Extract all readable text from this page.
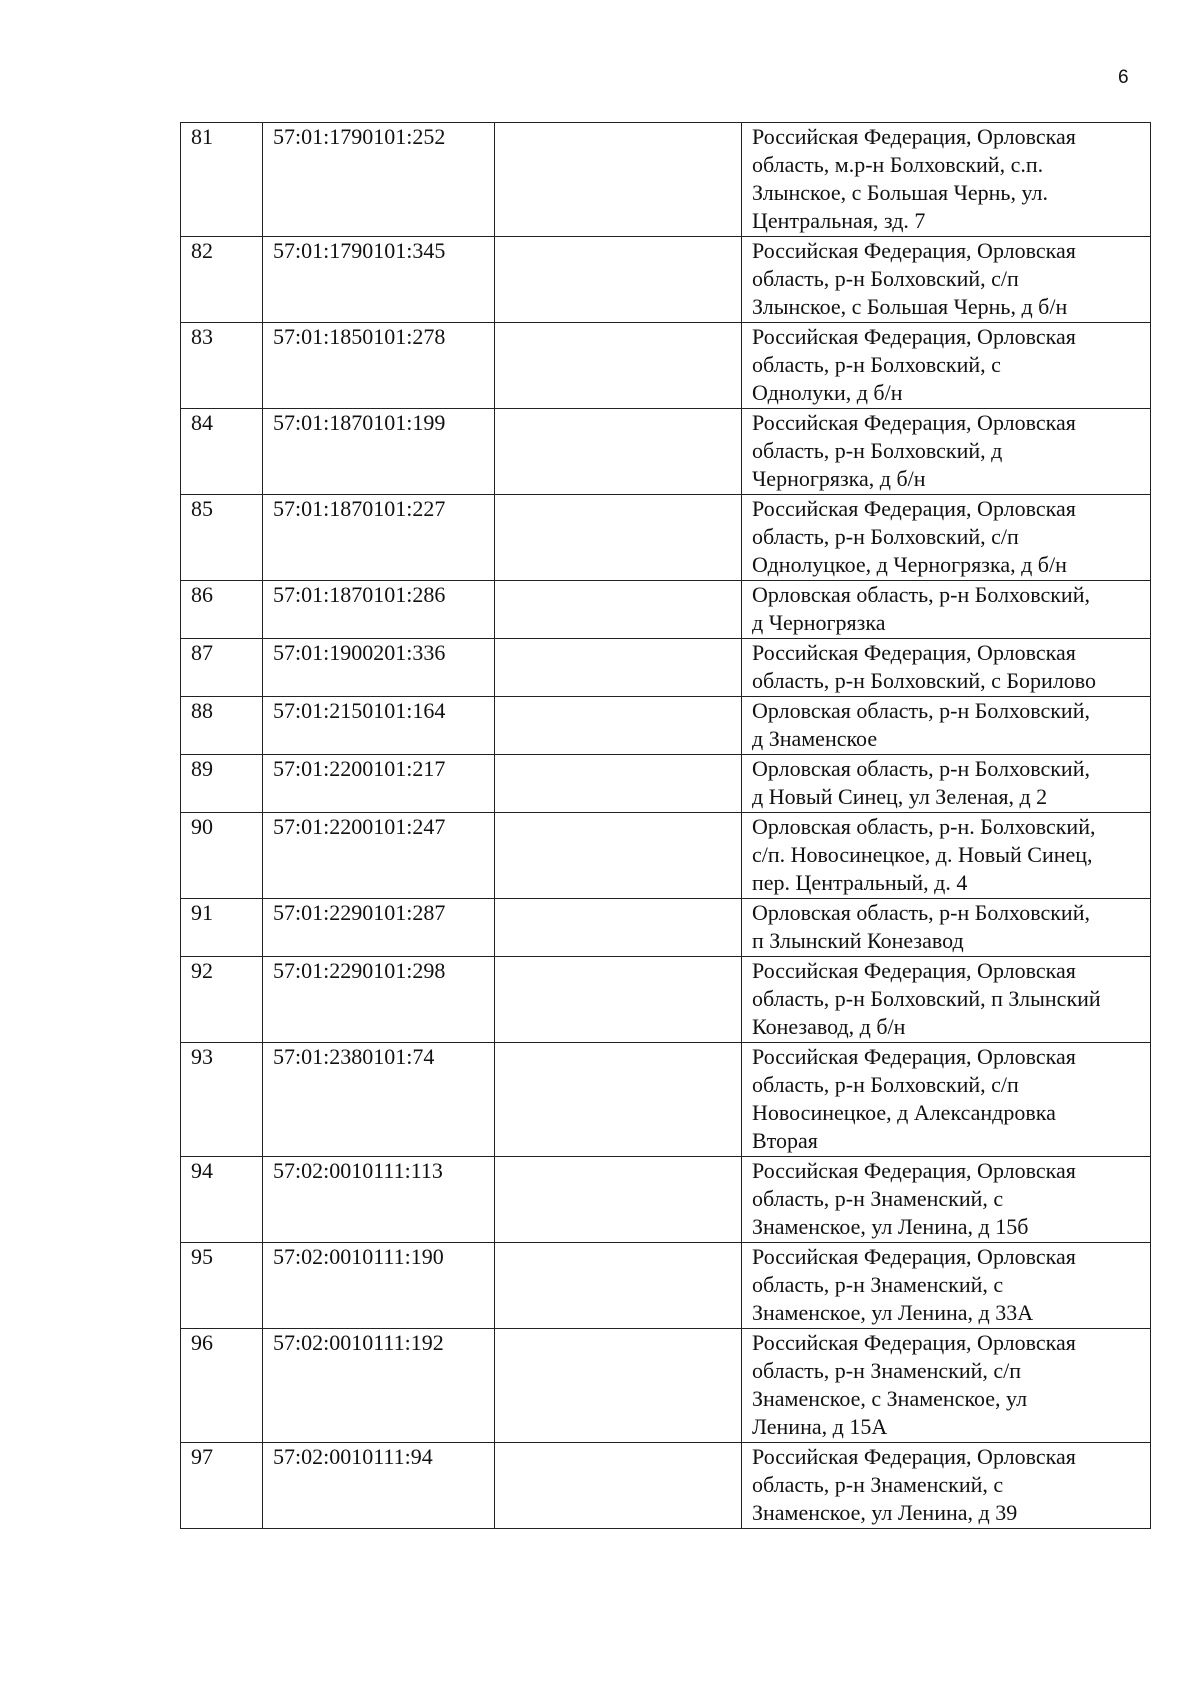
6
81	57:01:1790101:252		Российская Федерация, Орловская
область, м.р-н Болховский, с.п.
Злынское, с Большая Чернь, ул.
Центральная, зд. 7

82	57:01:1790101:345		Российская Федерация, Орловская
область, р-н Болховский, с/п
Злынское, с Большая Чернь, д б/н

83	57:01:1850101:278		Российская Федерация, Орловская
область, р-н Болховский, с
Однолуки, д б/н

84	57:01:1870101:199		Российская Федерация, Орловская
область, р-н Болховский, д
Черногрязка, д б/н

85	57:01:1870101:227		Российская Федерация, Орловская
область, р-н Болховский, с/п
Однолуцкое, д Черногрязка, д б/н

86	57:01:1870101:286		Орловская область, р-н Болховский,
д Черногрязка

87	57:01:1900201:336		Российская Федерация, Орловская
область, р-н Болховский, с Борилово

88	57:01:2150101:164		Орловская область, р-н Болховский,
д Знаменское

89	57:01:2200101:217		Орловская область, р-н Болховский,
д Новый Синец, ул Зеленая, д 2

90	57:01:2200101:247		Орловская область, р-н. Болховский,
с/п. Новосинецкое, д. Новый Синец,
пер. Центральный, д. 4

91	57:01:2290101:287		Орловская область, р-н Болховский,
п Злынский Конезавод

92	57:01:2290101:298		Российская Федерация, Орловская
область, р-н Болховский, п Злынский
Конезавод, д б/н

93	57:01:2380101:74		Российская Федерация, Орловская
область, р-н Болховский, с/п
Новосинецкое, д Александровка
Вторая

94	57:02:0010111:113		Российская Федерация, Орловская
область, р-н Знаменский, с
Знаменское, ул Ленина, д 15б

95	57:02:0010111:190		Российская Федерация, Орловская
область, р-н Знаменский, с
Знаменское, ул Ленина, д 33А

96	57:02:0010111:192		Российская Федерация, Орловская
область, р-н Знаменский, с/п
Знаменское, с Знаменское, ул
Ленина, д 15А

97	57:02:0010111:94		Российская Федерация, Орловская
область, р-н Знаменский, с
Знаменское, ул Ленина, д 39
